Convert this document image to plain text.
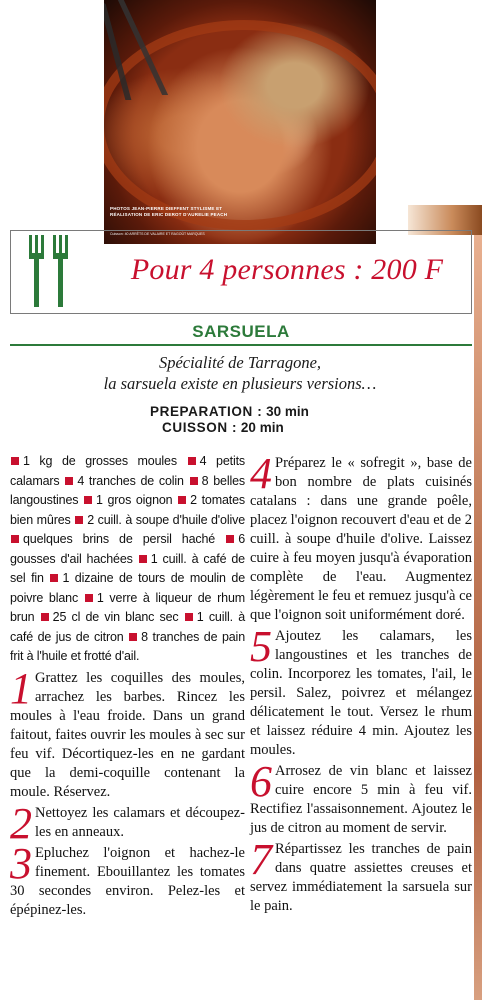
PHOTOS JEAN-PIERRE DIEFFENT STYLISME ET RÉALISATION DE ERIC DEROT D'AURELIE PEACH
Cuisson: 40 ARRÊTS DE VALAIRE ET RAGOÛT MARQUES
Pour 4 personnes : 200 F
SARSUELA
Spécialité de Tarragone,
la sarsuela existe en plusieurs versions…
PREPARATION : 30 min
CUISSON : 20 min
1 kg de grosses moules 4 petits calamars 4 tranches de colin 8 belles langoustines 1 gros oignon 2 tomates bien mûres 2 cuill. à soupe d'huile d'olive quelques brins de persil haché 6 gousses d'ail hachées 1 cuill. à café de sel fin 1 dizaine de tours de moulin de poivre blanc 1 verre à liqueur de rhum brun 25 cl de vin blanc sec 1 cuill. à café de jus de citron 8 tranches de pain frit à l'huile et frotté d'ail.
1 Grattez les coquilles des moules, arrachez les barbes. Rincez les moules à l'eau froide. Dans un grand faitout, faites ouvrir les moules à sec sur feu vif. Décortiquez-les en ne gardant que la demi-coquille contenant la moule. Réservez.
2 Nettoyez les calamars et découpez-les en anneaux.
3 Epluchez l'oignon et hachez-le finement. Ebouillantez les tomates 30 secondes environ. Pelez-les et épépinez-les.
4 Préparez le « sofregit », base de bon nombre de plats cuisinés catalans : dans une grande poêle, placez l'oignon recouvert d'eau et de 2 cuill. à soupe d'huile d'olive. Laissez cuire à feu moyen jusqu'à évaporation complète de l'eau. Augmentez légèrement le feu et remuez jusqu'à ce que l'oignon soit uniformément doré.
5 Ajoutez les calamars, les langoustines et les tranches de colin. Incorporez les tomates, l'ail, le persil. Salez, poivrez et mélangez délicatement le tout. Versez le rhum et laissez réduire 4 min. Ajoutez les moules.
6 Arrosez de vin blanc et laissez cuire encore 5 min à feu vif. Rectifiez l'assaisonnement. Ajoutez le jus de citron au moment de servir.
7 Répartissez les tranches de pain dans quatre assiettes creuses et servez immédiatement la sarsuela sur le pain.
